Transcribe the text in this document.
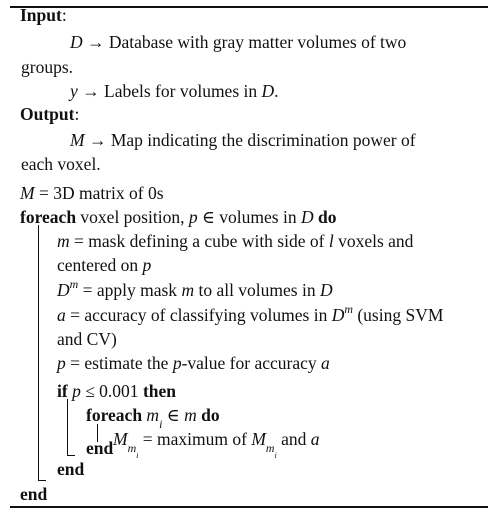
Input:
D → Database with gray matter volumes of two
groups.
y → Labels for volumes in D.
Output:
M → Map indicating the discrimination power of
each voxel.
M = 3D matrix of 0s
foreach voxel position, p ∈ volumes in D do
m = mask defining a cube with side of l voxels and
centered on p
$D^m$ = apply mask m to all volumes in D
a = accuracy of classifying volumes in $D^m$ (using SVM
and CV)
p = estimate the p-value for accuracy a
if p ≤ 0.001 then
foreach $m_i$ ∈ m do
$M_{m_i}$ = maximum of $M_{m_i}$ and a
end
end
end
